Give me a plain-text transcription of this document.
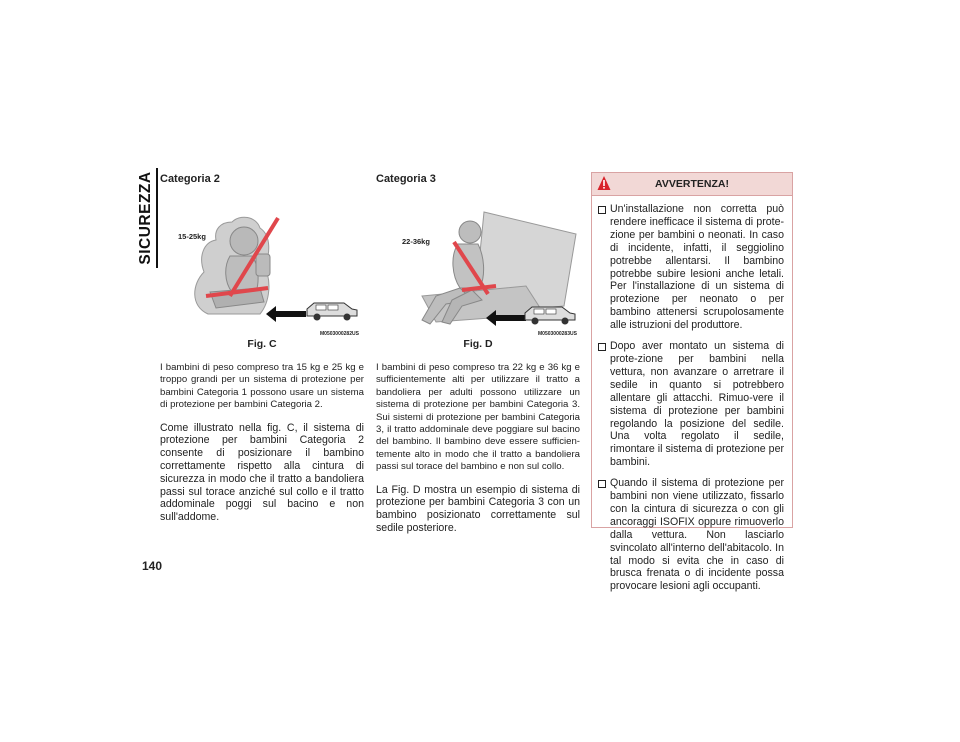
SICUREZZA
140
Categoria 2
15-25kg
M0503000282US
Fig. C
I bambini di peso compreso tra 15 kg e 25 kg e troppo grandi per un sistema di protezione per bambini Categoria 1 possono usare un sistema di protezione per bambini Categoria 2.
Come illustrato nella fig. C, il sistema di protezione per bambini Categoria 2 consente di posizionare il bambino correttamente rispetto alla cintura di sicurezza in modo che il tratto a bandoliera passi sul torace anziché sul collo e il tratto addominale poggi sul bacino e non sull'addome.
Categoria 3
22-36kg
M0503000283US
Fig. D
I bambini di peso compreso tra 22 kg e 36 kg e sufficientemente alti per utilizzare il tratto a bandoliera per adulti possono utilizzare un sistema di protezione per bambini Categoria 3. Sui sistemi di protezione per bambini Categoria 3, il tratto addominale deve poggiare sul bacino del bambino. Il bambino deve essere sufficien-temente alto in modo che il tratto a bandoliera passi sul torace del bambino e non sul collo.
La Fig. D mostra un esempio di sistema di protezione per bambini Categoria 3 con un bambino posizionato correttamente sul sedile posteriore.
AVVERTENZA!
Un'installazione non corretta può rendere inefficace il sistema di prote-zione per bambini o neonati. In caso di incidente, infatti, il seggiolino potrebbe allentarsi. Il bambino potrebbe subire lesioni anche letali. Per l'installazione di un sistema di protezione per neonato o per bambino attenersi scrupolosamente alle istruzioni del produttore.
Dopo aver montato un sistema di prote-zione per bambini nella vettura, non avanzare o arretrare il sedile in quanto si potrebbero allentare gli attacchi. Rimuo-vere il sistema di protezione per bambini regolando la posizione del sedile. Una volta regolato il sedile, rimontare il sistema di protezione per bambini.
Quando il sistema di protezione per bambini non viene utilizzato, fissarlo con la cintura di sicurezza o con gli ancoraggi ISOFIX oppure rimuoverlo dalla vettura. Non lasciarlo svincolato all'interno dell'abitacolo. In tal modo si evita che in caso di brusca frenata o di incidente possa provocare lesioni agli occupanti.
